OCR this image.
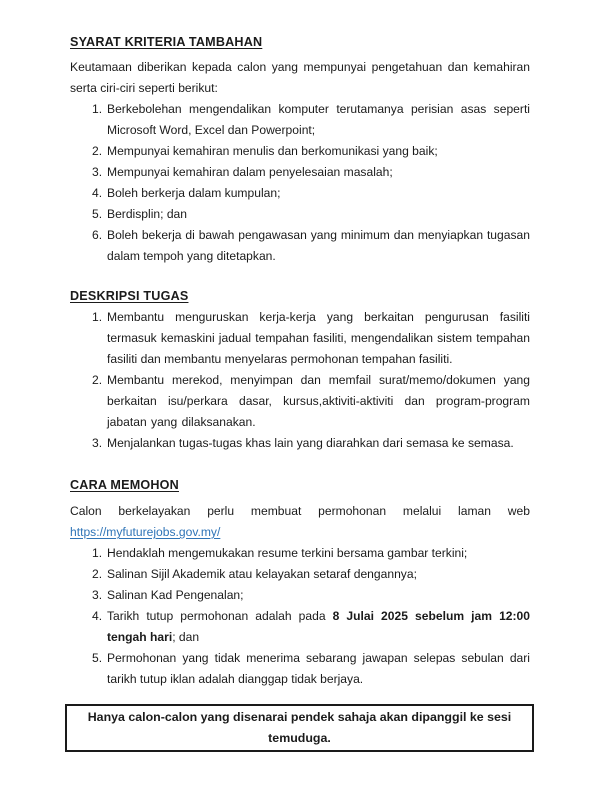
SYARAT KRITERIA TAMBAHAN

Keutamaan diberikan kepada calon yang mempunyai pengetahuan dan kemahiran serta ciri-ciri seperti berikut:

Berkebolehan mengendalikan komputer terutamanya perisian asas seperti Microsoft Word, Excel dan Powerpoint;
Mempunyai kemahiran menulis dan berkomunikasi yang baik;
Mempunyai kemahiran dalam penyelesaian masalah;
Boleh berkerja dalam kumpulan;
Berdisplin; dan
Boleh bekerja di bawah pengawasan yang minimum dan menyiapkan tugasan dalam tempoh yang ditetapkan.
DESKRIPSI TUGAS
Membantu menguruskan kerja-kerja yang berkaitan pengurusan fasiliti termasuk kemaskini jadual tempahan fasiliti, mengendalikan sistem tempahan fasiliti dan membantu menyelaras permohonan tempahan fasiliti.
Membantu merekod, menyimpan dan memfail surat/memo/dokumen yang berkaitan isu/perkara dasar, kursus,aktiviti-aktiviti dan program-program jabatan yang dilaksanakan.
Menjalankan tugas-tugas khas lain yang diarahkan dari semasa ke semasa.
CARA MEMOHON

Calon berkelayakan perlu membuat permohonan melalui laman web

https://myfuturejobs.gov.my/

Hendaklah mengemukakan resume terkini bersama gambar terkini;
Salinan Sijil Akademik atau kelayakan setaraf dengannya;
Salinan Kad Pengenalan;
Tarikh tutup permohonan adalah pada 8 Julai 2025 sebelum jam 12:00 tengah hari; dan
Permohonan yang tidak menerima sebarang jawapan selepas sebulan dari tarikh tutup iklan adalah dianggap tidak berjaya.
Hanya calon-calon yang disenarai pendek sahaja akan dipanggil ke sesi temuduga.
